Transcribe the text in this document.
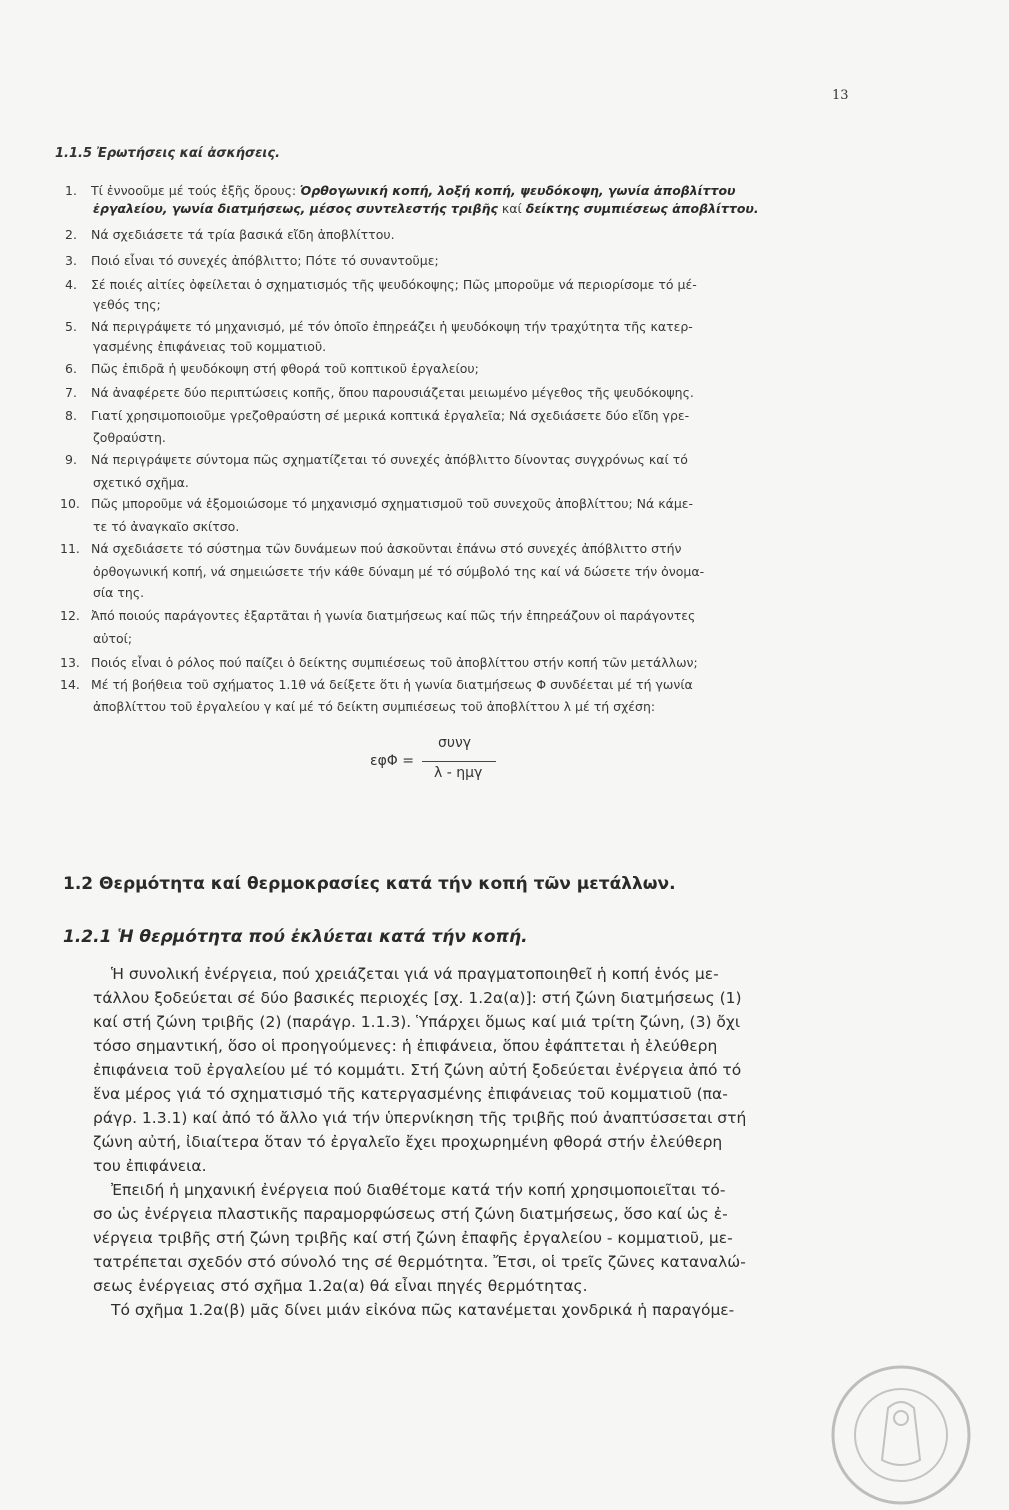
13
1.1.5 Ἐρωτήσεις καί ἀσκήσεις.
1. Τί ἐννοοῦμε μέ τούς ἑξῆς ὅρους: Ὀρθογωνική κοπή, λοξή κοπή, ψευδόκοψη, γωνία ἀποβλίττου
ἐργαλείου, γωνία διατμήσεως, μέσος συντελεστής τριβῆς καί δείκτης συμπιέσεως ἀποβλίττου.
2. Νά σχεδιάσετε τά τρία βασικά εἴδη ἀποβλίττου.
3. Ποιό εἶναι τό συνεχές ἀπόβλιττο; Πότε τό συναντοῦμε;
4. Σέ ποιές αἰτίες ὀφείλεται ὁ σχηματισμός τῆς ψευδόκοψης; Πῶς μποροῦμε νά περιορίσομε τό μέ-
γεθός της;
5. Νά περιγράψετε τό μηχανισμό, μέ τόν ὁποῖο ἐπηρεάζει ἡ ψευδόκοψη τήν τραχύτητα τῆς κατερ-
γασμένης ἐπιφάνειας τοῦ κομματιοῦ.
6. Πῶς ἐπιδρᾶ ἡ ψευδόκοψη στή φθορά τοῦ κοπτικοῦ ἐργαλείου;
7. Νά ἀναφέρετε δύο περιπτώσεις κοπῆς, ὅπου παρουσιάζεται μειωμένο μέγεθος τῆς ψευδόκοψης.
8. Γιατί χρησιμοποιοῦμε γρεζοθραύστη σέ μερικά κοπτικά ἐργαλεῖα; Νά σχεδιάσετε δύο εἴδη γρε-
ζοθραύστη.
9. Νά περιγράψετε σύντομα πῶς σχηματίζεται τό συνεχές ἀπόβλιττο δίνοντας συγχρόνως καί τό
σχετικό σχῆμα.
10. Πῶς μποροῦμε νά ἐξομοιώσομε τό μηχανισμό σχηματισμοῦ τοῦ συνεχοῦς ἀποβλίττου; Νά κάμε-
τε τό ἀναγκαῖο σκίτσο.
11. Νά σχεδιάσετε τό σύστημα τῶν δυνάμεων πού ἀσκοῦνται ἐπάνω στό συνεχές ἀπόβλιττο στήν
ὀρθογωνική κοπή, νά σημειώσετε τήν κάθε δύναμη μέ τό σύμβολό της καί νά δώσετε τήν ὀνομα-
σία της.
12. Ἀπό ποιούς παράγοντες ἐξαρτᾶται ἡ γωνία διατμήσεως καί πῶς τήν ἐπηρεάζουν οἱ παράγοντες
αὐτοί;
13. Ποιός εἶναι ὁ ρόλος πού παίζει ὁ δείκτης συμπιέσεως τοῦ ἀποβλίττου στήν κοπή τῶν μετάλλων;
14. Μέ τή βοήθεια τοῦ σχήματος 1.1θ νά δείξετε ὅτι ἡ γωνία διατμήσεως Φ συνδέεται μέ τή γωνία
ἀποβλίττου τοῦ ἐργαλείου γ καί μέ τό δείκτη συμπιέσεως τοῦ ἀποβλίττου λ μέ τή σχέση:
εφΦ =
συνγ
λ - ημγ
1.2 Θερμότητα καί θερμοκρασίες κατά τήν κοπή τῶν μετάλλων.
1.2.1 Ἡ θερμότητα πού ἐκλύεται κατά τήν κοπή.
Ἡ συνολική ἐνέργεια, πού χρειάζεται γιά νά πραγματοποιηθεῖ ἡ κοπή ἑνός με-
τάλλου ξοδεύεται σέ δύο βασικές περιοχές [σχ. 1.2α(α)]: στή ζώνη διατμήσεως (1)
καί στή ζώνη τριβῆς (2) (παράγρ. 1.1.3). Ὑπάρχει ὅμως καί μιά τρίτη ζώνη, (3) ὄχι
τόσο σημαντική, ὅσο οἱ προηγούμενες: ἡ ἐπιφάνεια, ὅπου ἐφάπτεται ἡ ἐλεύθερη
ἐπιφάνεια τοῦ ἐργαλείου μέ τό κομμάτι. Στή ζώνη αὐτή ξοδεύεται ἐνέργεια ἀπό τό
ἕνα μέρος γιά τό σχηματισμό τῆς κατεργασμένης ἐπιφάνειας τοῦ κομματιοῦ (πα-
ράγρ. 1.3.1) καί ἀπό τό ἄλλο γιά τήν ὑπερνίκηση τῆς τριβῆς πού ἀναπτύσσεται στή
ζώνη αὐτή, ἰδιαίτερα ὅταν τό ἐργαλεῖο ἔχει προχωρημένη φθορά στήν ἐλεύθερη
του ἐπιφάνεια.
Ἐπειδή ἡ μηχανική ἐνέργεια πού διαθέτομε κατά τήν κοπή χρησιμοποιεῖται τό-
σο ὡς ἐνέργεια πλαστικῆς παραμορφώσεως στή ζώνη διατμήσεως, ὅσο καί ὡς ἐ-
νέργεια τριβῆς στή ζώνη τριβῆς καί στή ζώνη ἐπαφῆς ἐργαλείου - κομματιοῦ, με-
τατρέπεται σχεδόν στό σύνολό της σέ θερμότητα. Ἔτσι, οἱ τρεῖς ζῶνες καταναλώ-
σεως ἐνέργειας στό σχῆμα 1.2α(α) θά εἶναι πηγές θερμότητας.
Τό σχῆμα 1.2α(β) μᾶς δίνει μιάν εἰκόνα πῶς κατανέμεται χονδρικά ἡ παραγόμε-
